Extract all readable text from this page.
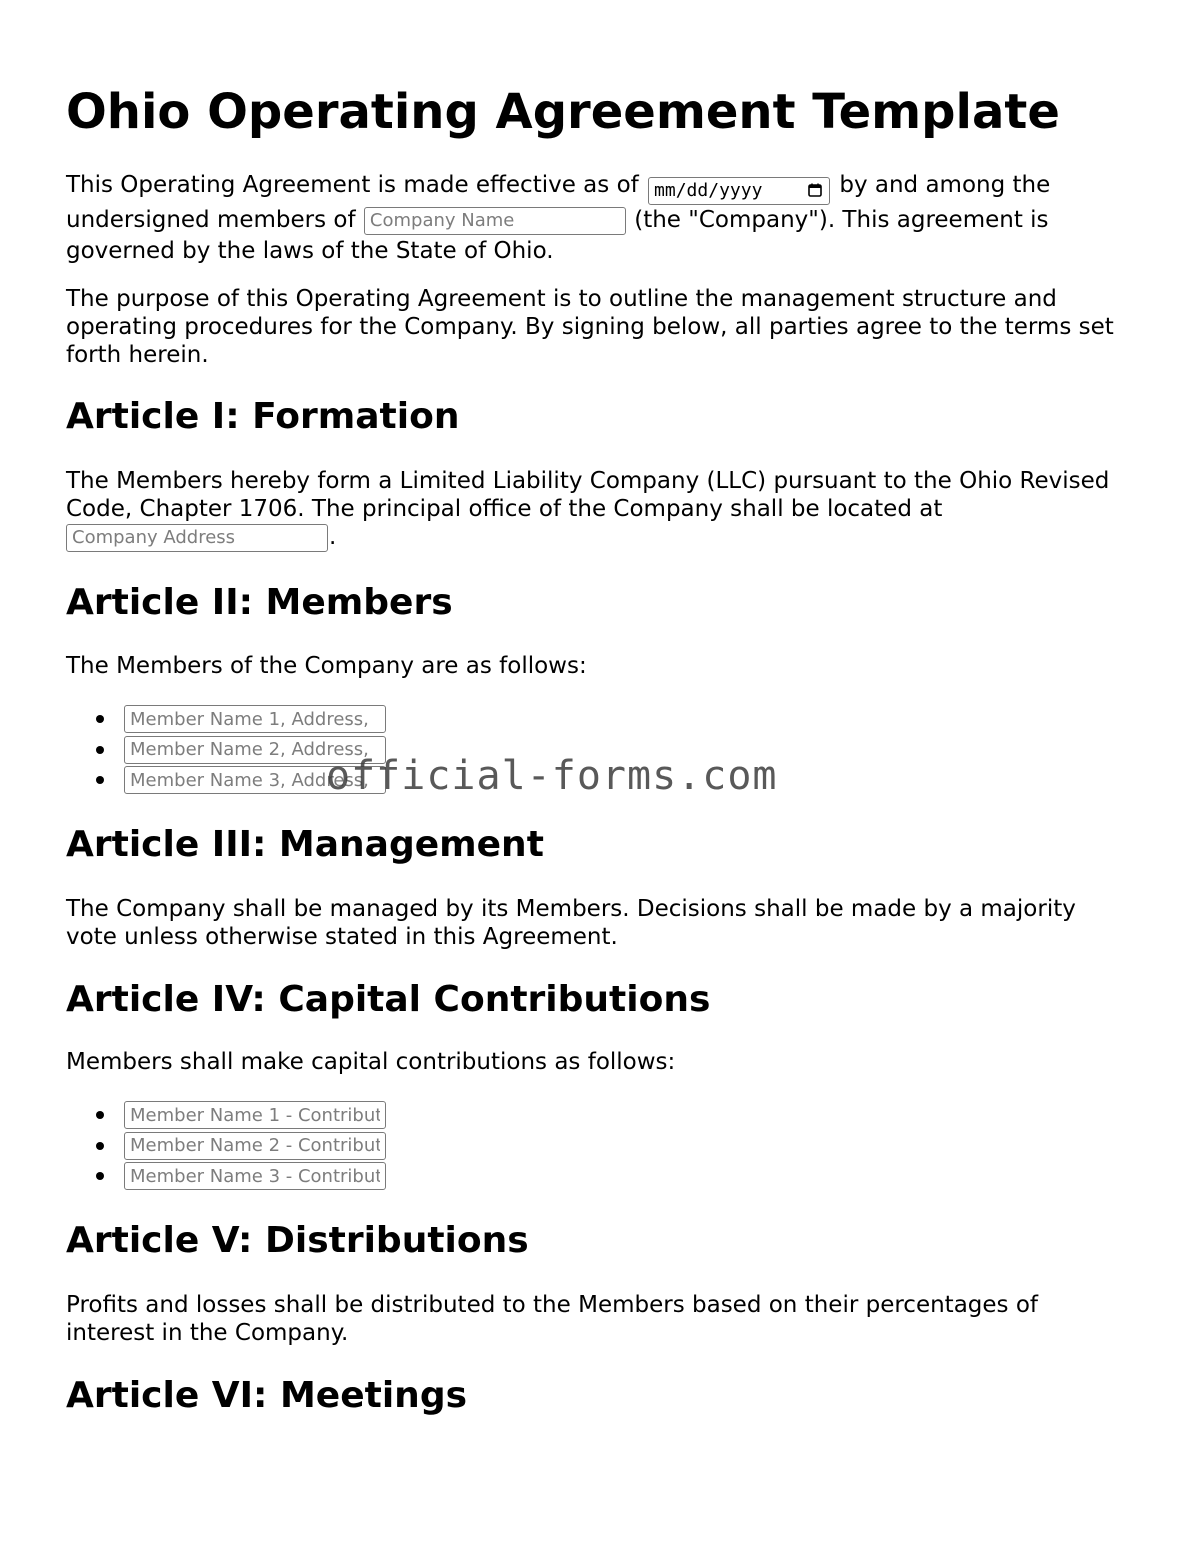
Ohio Operating Agreement Template

This Operating Agreement is made effective as of mm/dd/yyyy	by and among the undersigned members of Company Name	(the "Company"). This agreement is governed by the laws of the State of Ohio.

The purpose of this Operating Agreement is to outline the management structure and operating procedures for the Company. By signing below, all parties agree to the terms set forth herein.

Article I: Formation

The Members hereby form a Limited Liability Company (LLC) pursuant to the Ohio Revised Code, Chapter 1706. The principal office of the Company shall be located at
Company Address.

Article II: Members

The Members of the Company are as follows:

Member Name 1, Address,
Member Name 2, Address,
Member Name 3, Address,
Article III: Management

The Company shall be managed by its Members. Decisions shall be made by a majority vote unless otherwise stated in this Agreement.

Article IV: Capital Contributions

Members shall make capital contributions as follows:

Member Name 1 - Contribution
Member Name 2 - Contribution
Member Name 3 - Contribution
Article V: Distributions

Profits and losses shall be distributed to the Members based on their percentages of interest in the Company.

Article VI: Meetings
official-forms.com
